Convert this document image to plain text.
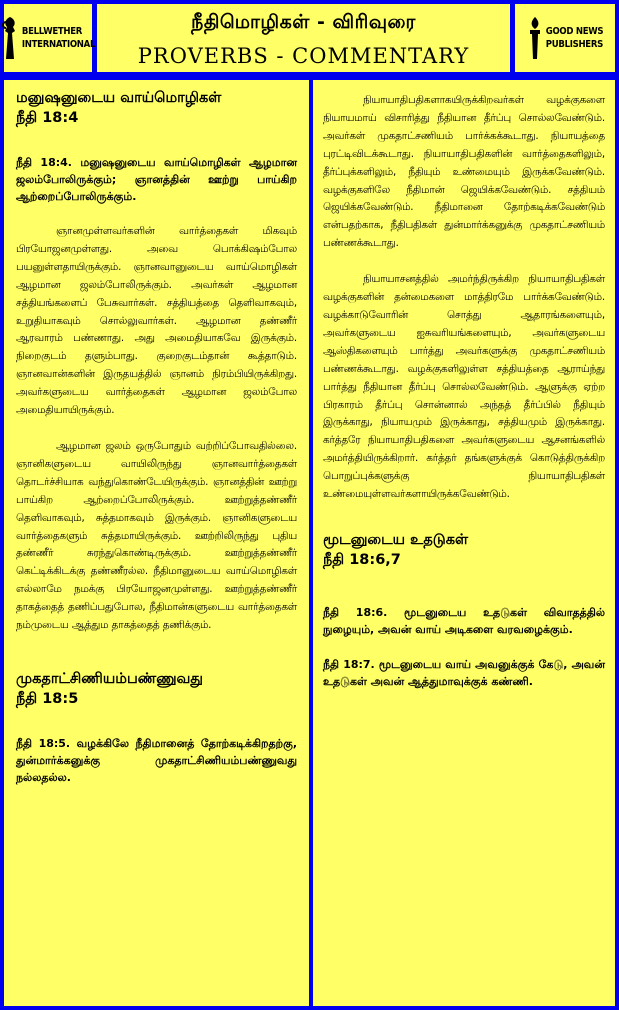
BELLWETHER
INTERNATIONAL
நீதிமொழிகள் - விரிவுரை
PROVERBS - COMMENTARY
GOOD NEWS
PUBLISHERS
மனுஷனுடைய வாய்மொழிகள்
நீதி 18:4

நீதி 18:4. மனுஷனுடைய வாய்மொழிகள் ஆழமான ஜலம்போலிருக்கும்; ஞானத்தின் ஊற்று பாய்கிற ஆற்றைப்போலிருக்கும்.

ஞானமுள்ளவர்களின் வார்த்தைகள் மிகவும் பிரயோஜனமுள்ளது. அவை பொக்கிஷம்போல பயனுள்ளதாயிருக்கும். ஞானவானுடைய வாய்மொழிகள் ஆழமான ஜலம்போலிருக்கும். அவர்கள் ஆழமான சத்தியங்களைப் பேசுவார்கள். சத்தியத்தை தெளிவாகவும், உறுதியாகவும் சொல்லுவார்கள். ஆழமான தண்ணீர் ஆரவாரம் பண்ணாது. அது அமைதியாகவே இருக்கும். நிறைகுடம் தளும்பாது. குறைகுடம்தான் கூத்தாடும். ஞானவான்களின் இருதயத்தில் ஞானம் நிரம்பியிருக்கிறது. அவர்களுடைய வார்த்தைகள் ஆழமான ஜலம்போல அமைதியாயிருக்கும்.

ஆழமான ஜலம் ஒருபோதும் வற்றிப்போவதில்லை. ஞானிகளுடைய வாயிலிருந்து ஞானவார்த்தைகள் தொடர்ச்சியாக வந்துகொண்டேயிருக்கும். ஞானத்தின் ஊற்று பாய்கிற ஆற்றைப்போலிருக்கும். ஊற்றுத்தண்ணீர் தெளிவாகவும், சுத்தமாகவும் இருக்கும். ஞானிகளுடைய வார்த்தைகளும் சுத்தமாயிருக்கும். ஊற்றிலிருந்து புதிய தண்ணீர் சுரந்துகொண்டிருக்கும். ஊற்றுத்தண்ணீர் கெட்டிக்கிடக்கு தண்ணீரல்ல. நீதிமானுடைய வாய்மொழிகள் எல்லாமே நமக்கு பிரயோஜனமுள்ளது. ஊற்றுத்தண்ணீர் தாகத்தைத் தணிப்பதுபோல, நீதிமான்களுடைய வார்த்தைகள் நம்முடைய ஆத்தும தாகத்தைத் தணிக்கும்.

முகதாட்சிணியம்பண்ணுவது
நீதி 18:5

நீதி 18:5. வழக்கிலே நீதிமானைத் தோற்கடிக்கிறதற்கு, துன்மார்க்கனுக்கு முகதாட்சிணியம்பண்ணுவது நல்லதல்ல.

நியாயாதிபதிகளாகயிருக்கிறவர்கள் வழக்குகளை நியாயமாய் விசாரித்து நீதியான தீர்ப்பு சொல்லவேண்டும். அவர்கள் முகதாட்சணியம் பார்க்கக்கூடாது. நியாயத்தை புரட்டிவிடக்கூடாது. நியாயாதிபதிகளின் வார்த்தைகளிலும், தீர்ப்புக்களிலும், நீதியும் உண்மையும் இருக்கவேண்டும். வழக்குகளிலே நீதிமான் ஜெயிக்கவேண்டும். சத்தியம் ஜெயிக்கவேண்டும். நீதிமானை தோற்கடிக்கவேண்டும் என்பதற்காக, நீதிபதிகள் துன்மார்க்கனுக்கு முகதாட்சணியம் பண்ணக்கூடாது.

நியாயாசனத்தில் அமர்ந்திருக்கிற நியாயாதிபதிகள் வழக்குகளின் தன்மைகளை மாத்திரமே பார்க்கவேண்டும். வழக்காடுவோரின் சொத்து ஆதாரங்களையும், அவர்களுடைய ஐசுவரியங்களையும், அவர்களுடைய ஆஸ்திகளையும் பார்த்து அவர்களுக்கு முகதாட்சணியம் பண்ணக்கூடாது. வழக்குகளிலுள்ள சத்தியத்தை ஆராய்ந்து பார்த்து நீதியான தீர்ப்பு சொல்லவேண்டும். ஆளுக்கு ஏற்ற பிரகாரம் தீர்ப்பு சொன்னால் அந்தத் தீர்ப்பில் நீதியும் இருக்காது, நியாயமும் இருக்காது, சத்தியமும் இருக்காது. கர்த்தரே நியாயாதிபதிகளை அவர்களுடைய ஆசனங்களில் அமர்த்தியிருக்கிறார். கர்த்தர் தங்களுக்குக் கொடுத்திருக்கிற பொறுப்புக்களுக்கு நியாயாதிபதிகள் உண்மையுள்ளவர்களாயிருக்கவேண்டும்.

மூடனுடைய உதடுகள்
நீதி 18:6,7

நீதி 18:6. மூடனுடைய உதடுகள் விவாதத்தில் நுழையும், அவன் வாய் அடிகளை வரவழைக்கும்.

நீதி 18:7. மூடனுடைய வாய் அவனுக்குக் கேடு, அவன் உதடுகள் அவன் ஆத்துமாவுக்குக் கண்ணி.
